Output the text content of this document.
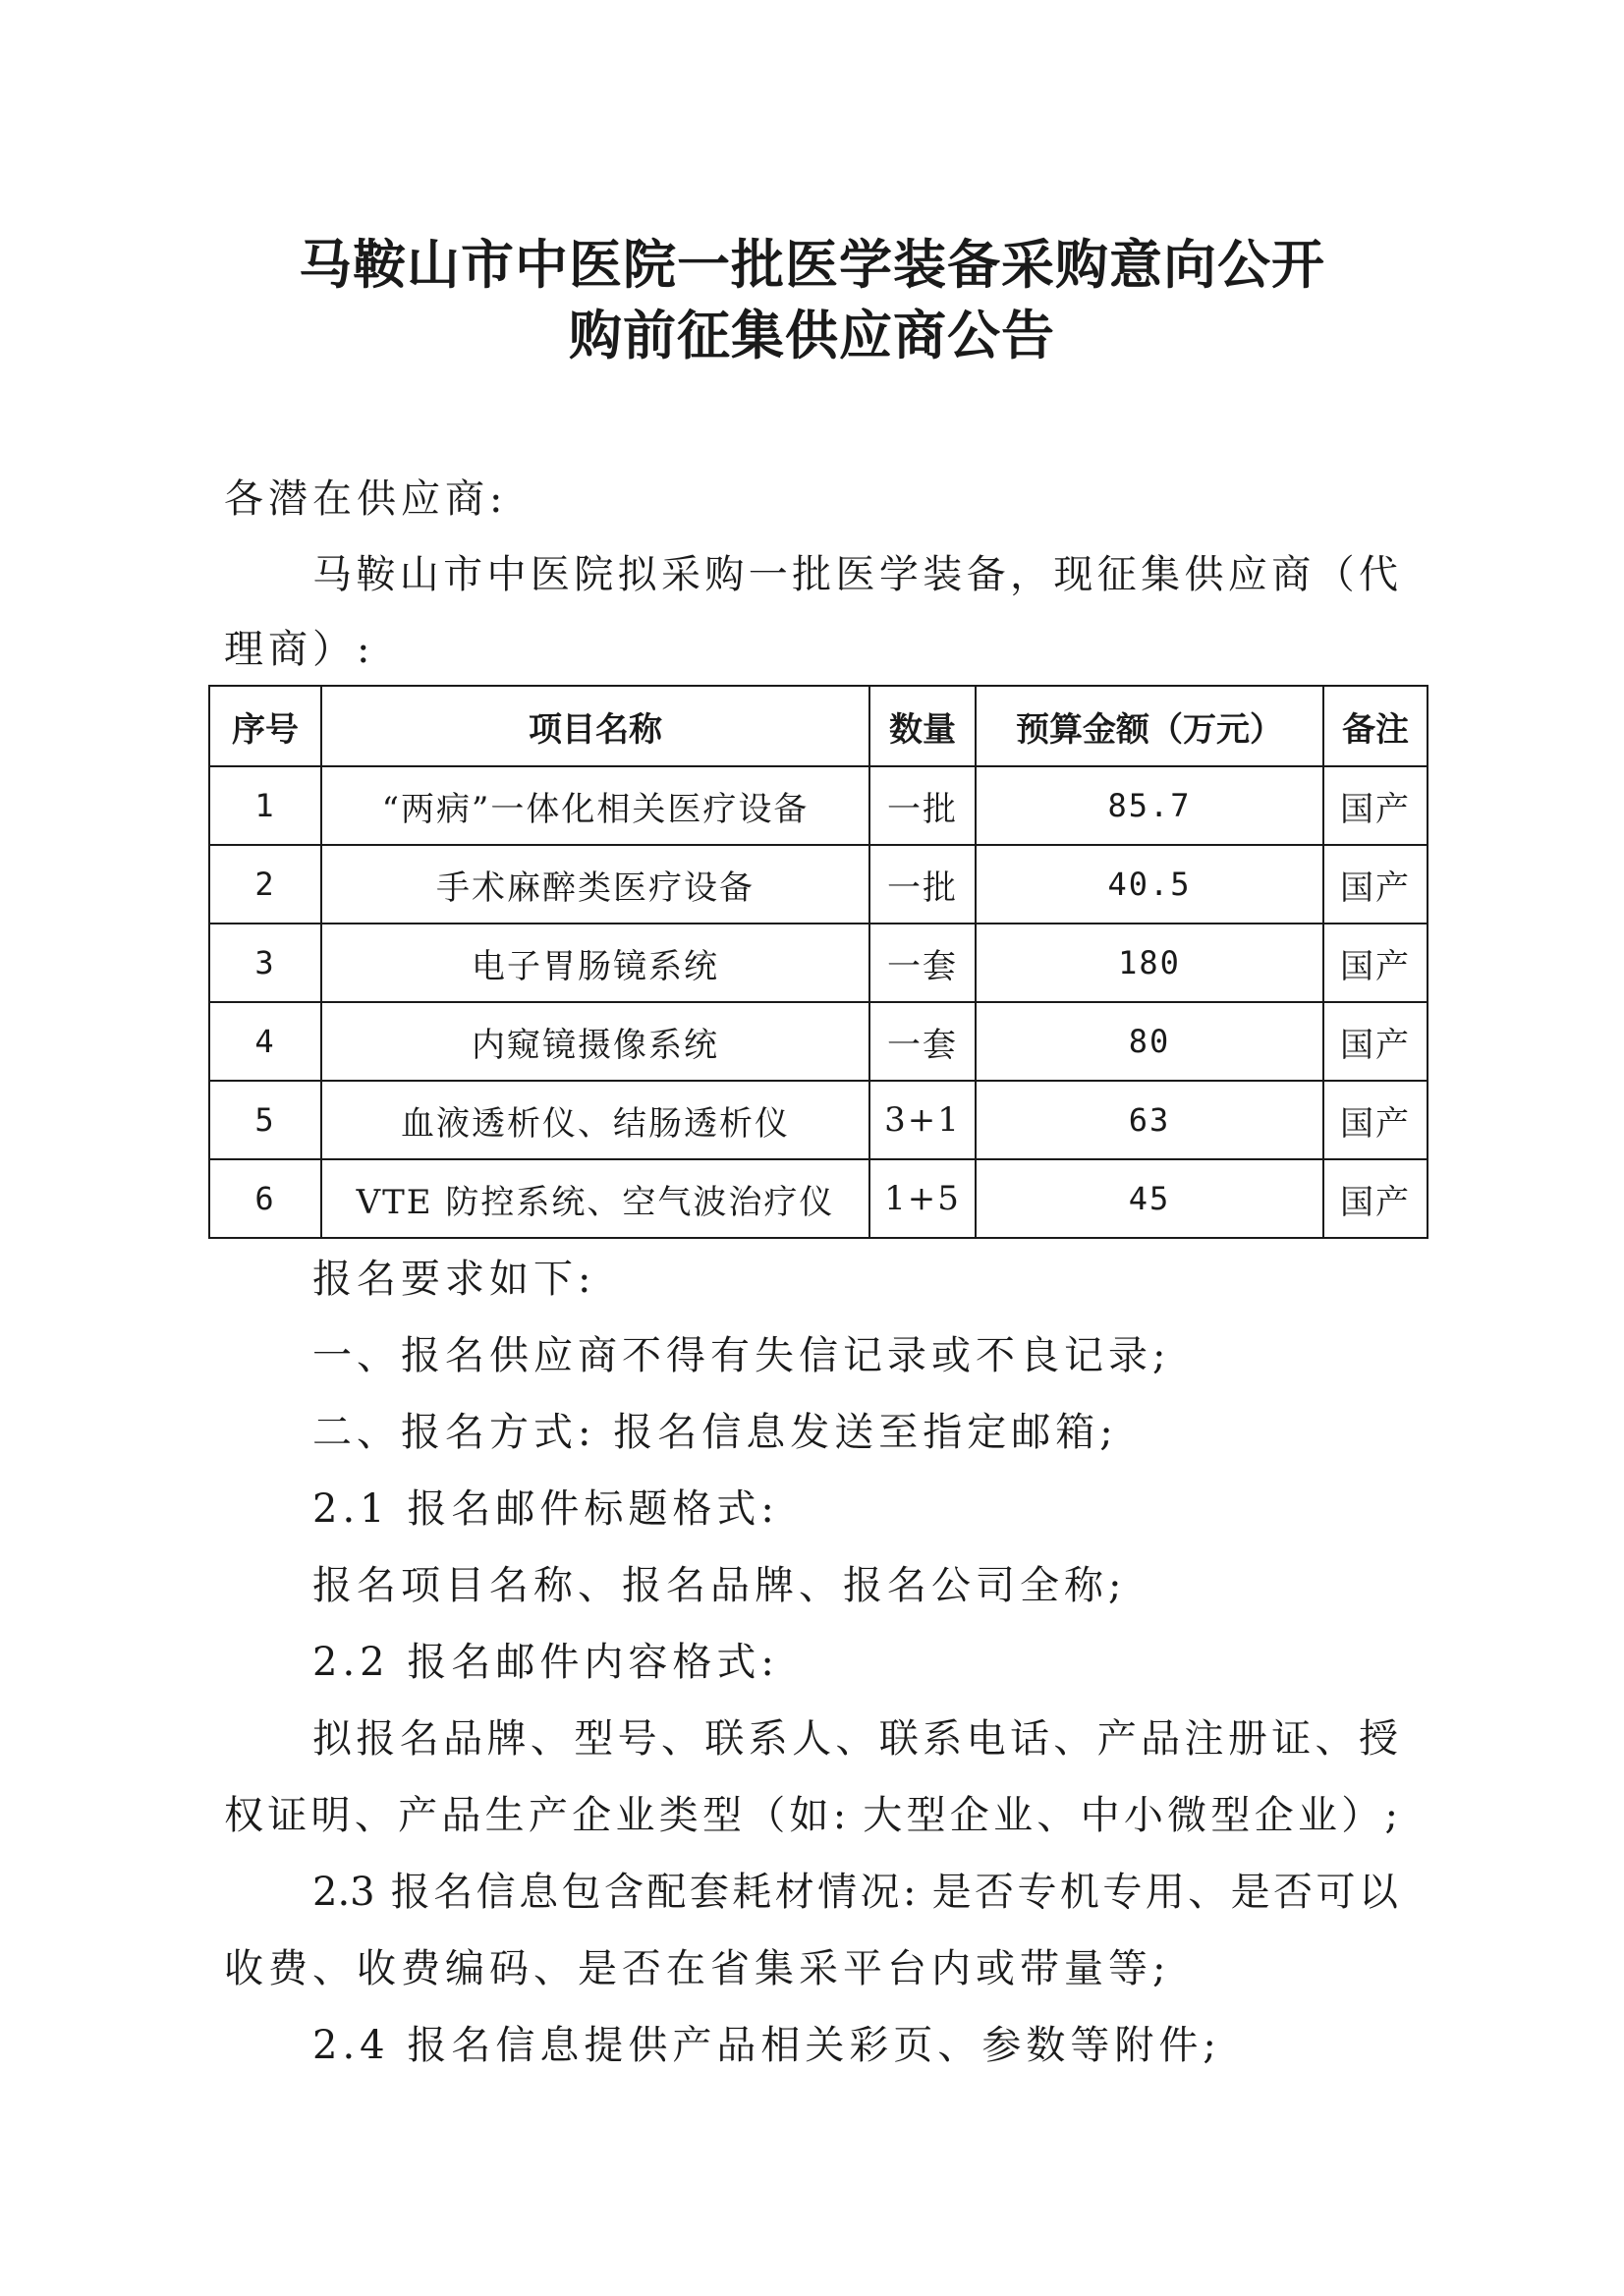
马鞍山市中医院一批医学装备采购意向公开
购前征集供应商公告
各潜在供应商:
马鞍山市中医院拟采购一批医学装备，现征集供应商（代
理商）:
序号	项目名称	数量	预算金额（万元）	备注
1	“两病”一体化相关医疗设备	一批	85.7	国产
2	手术麻醉类医疗设备	一批	40.5	国产
3	电子胃肠镜系统	一套	180	国产
4	内窥镜摄像系统	一套	80	国产
5	血液透析仪、结肠透析仪	3+1	63	国产
6	VTE 防控系统、空气波治疗仪	1+5	45	国产
报名要求如下:
一、报名供应商不得有失信记录或不良记录;
二、报名方式: 报名信息发送至指定邮箱;
2.1 报名邮件标题格式:
报名项目名称、报名品牌、报名公司全称;
2.2 报名邮件内容格式:
拟报名品牌、型号、联系人、联系电话、产品注册证、授
权证明、产品生产企业类型（如: 大型企业、中小微型企业）;
2.3 报名信息包含配套耗材情况: 是否专机专用、是否可以
收费、收费编码、是否在省集采平台内或带量等;
2.4 报名信息提供产品相关彩页、参数等附件;
